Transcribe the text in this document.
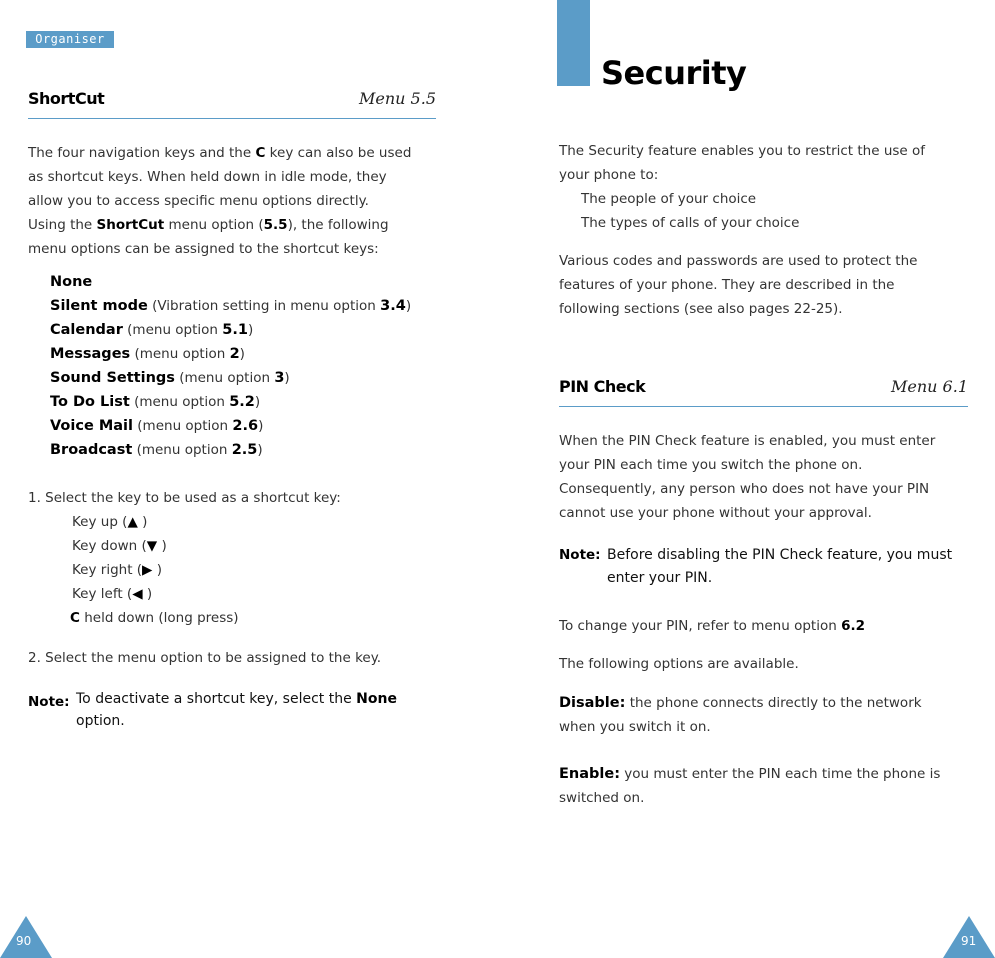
Organiser
ShortCut	Menu 5.5
The four navigation keys and the C key can also be used
as shortcut keys. When held down in idle mode, they
allow you to access specific menu options directly.
Using the ShortCut menu option (5.5), the following
menu options can be assigned to the shortcut keys:
None
Silent mode (Vibration setting in menu option 3.4)
Calendar (menu option 5.1)
Messages (menu option 2)
Sound Settings (menu option 3)
To Do List (menu option 5.2)
Voice Mail (menu option 2.6)
Broadcast (menu option 2.5)
1. Select the key to be used as a shortcut key:
Key up (▲ )
Key down (▼ )
Key right (▶ )
Key left (◀ )
C held down (long press)
2. Select the menu option to be assigned to the key.
Note: To deactivate a shortcut key, select the None
option.
90
Security
The Security feature enables you to restrict the use of
your phone to:
The people of your choice
The types of calls of your choice
Various codes and passwords are used to protect the
features of your phone. They are described in the
following sections (see also pages 22-25).
PIN Check	Menu 6.1
When the PIN Check feature is enabled, you must enter
your PIN each time you switch the phone on.
Consequently, any person who does not have your PIN
cannot use your phone without your approval.
Note: Before disabling the PIN Check feature, you must
enter your PIN.
To change your PIN, refer to menu option 6.2
The following options are available.
Disable: the phone connects directly to the network
when you switch it on.
Enable: you must enter the PIN each time the phone is
switched on.
91
